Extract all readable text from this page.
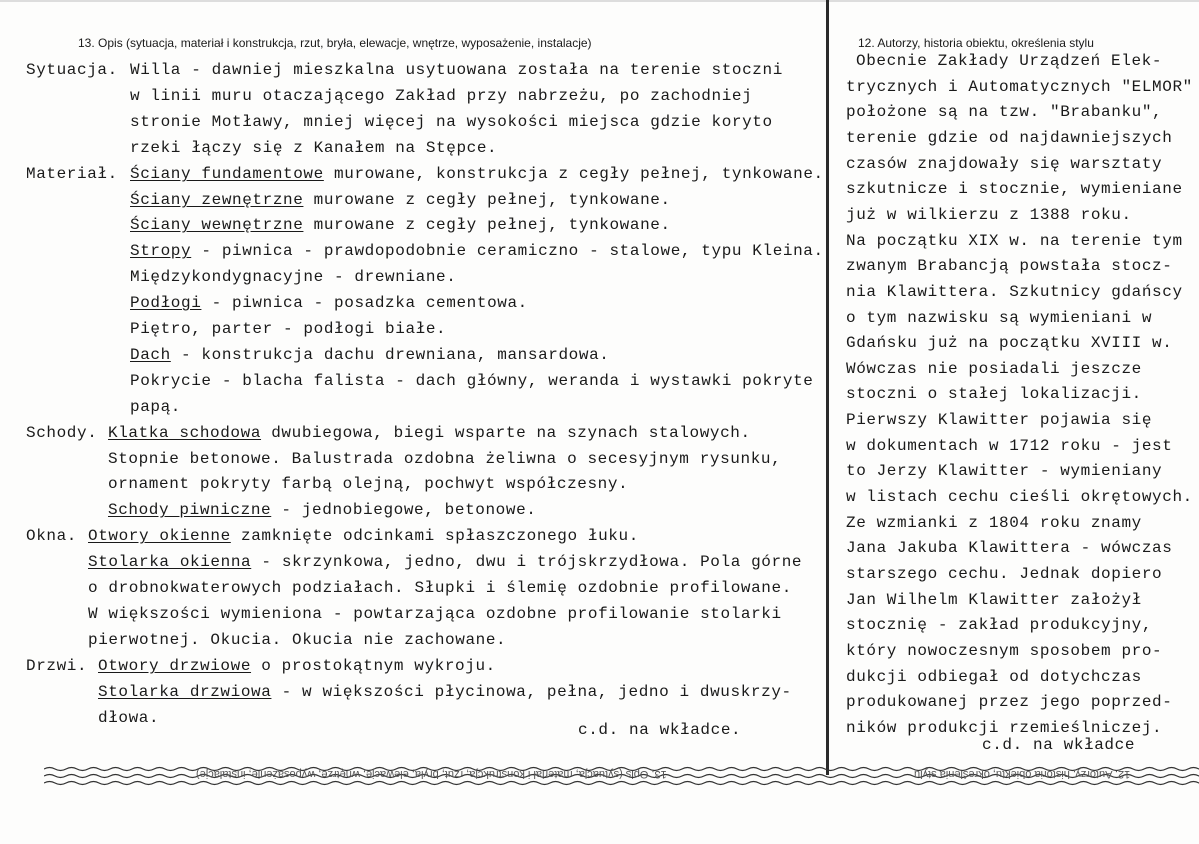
13. Opis (sytuacja, materiał i konstrukcja, rzut, bryła, elewacje, wnętrze, wyposażenie, instalacje)
Sytuacja. Willa - dawniej mieszkalna usytuowana została na terenie stoczni
w linii muru otaczającego Zakład przy nabrzeżu, po zachodniej
stronie Motławy, mniej więcej na wysokości miejsca gdzie koryto
rzeki łączy się z Kanałem na Stępce.
Materiał. Ściany fundamentowe murowane, konstrukcja z cegły pełnej, tynkowane.
Ściany zewnętrzne murowane z cegły pełnej, tynkowane.
Ściany wewnętrzne murowane z cegły pełnej, tynkowane.
Stropy - piwnica - prawdopodobnie ceramiczno - stalowe, typu Kleina.
Międzykondygnacyjne - drewniane.
Podłogi - piwnica - posadzka cementowa.
Piętro, parter - podłogi białe.
Dach - konstrukcja dachu drewniana, mansardowa.
Pokrycie - blacha falista - dach główny, weranda i wystawki pokryte
papą.
Schody. Klatka schodowa dwubiegowa, biegi wsparte na szynach stalowych.
Stopnie betonowe. Balustrada ozdobna żeliwna o secesyjnym rysunku,
ornament pokryty farbą olejną, pochwyt współczesny.
Schody piwniczne - jednobiegowe, betonowe.
Okna. Otwory okienne zamknięte odcinkami spłaszczonego łuku.
Stolarka okienna - skrzynkowa, jedno, dwu i trójskrzydłowa. Pola górne
o drobnokwaterowych podziałach. Słupki i ślemię ozdobnie profilowane.
W większości wymieniona - powtarzająca ozdobne profilowanie stolarki
pierwotnej. Okucia. Okucia nie zachowane.
Drzwi. Otwory drzwiowe o prostokątnym wykroju.
Stolarka drzwiowa - w większości płycinowa, pełna, jedno i dwuskrzy-
dłowa.
c.d. na wkładce.
12. Autorzy, historia obiektu, określenia stylu
Obecnie Zakłady Urządzeń Elek-
trycznych i Automatycznych "ELMOR"
położone są na tzw. "Brabanku",
terenie gdzie od najdawniejszych
czasów znajdowały się warsztaty
szkutnicze i stocznie, wymieniane
już w wilkierzu z 1388 roku.
Na początku XIX w. na terenie tym
zwanym Brabancją powstała stocz-
nia Klawittera. Szkutnicy gdańscy
o tym nazwisku są wymieniani w
Gdańsku już na początku XVIII w.
Wówczas nie posiadali jeszcze
stoczni o stałej lokalizacji.
Pierwszy Klawitter pojawia się
w dokumentach w 1712 roku - jest
to Jerzy Klawitter - wymieniany
w listach cechu cieśli okrętowych.
Ze wzmianki z 1804 roku znamy
Jana Jakuba Klawittera - wówczas
starszego cechu. Jednak dopiero
Jan Wilhelm Klawitter założył
stocznię - zakład produkcyjny,
który nowoczesnym sposobem pro-
dukcji odbiegał od dotychczas
produkowanej przez jego poprzed-
ników produkcji rzemieślniczej.
c.d. na wkładce
13. Opis (sytuacja, materiał i konstrukcja, rzut, bryła, elewacje, wnętrze, wyposażenie, instalacje)	12. Autorzy, historia obiektu, określenia stylu
